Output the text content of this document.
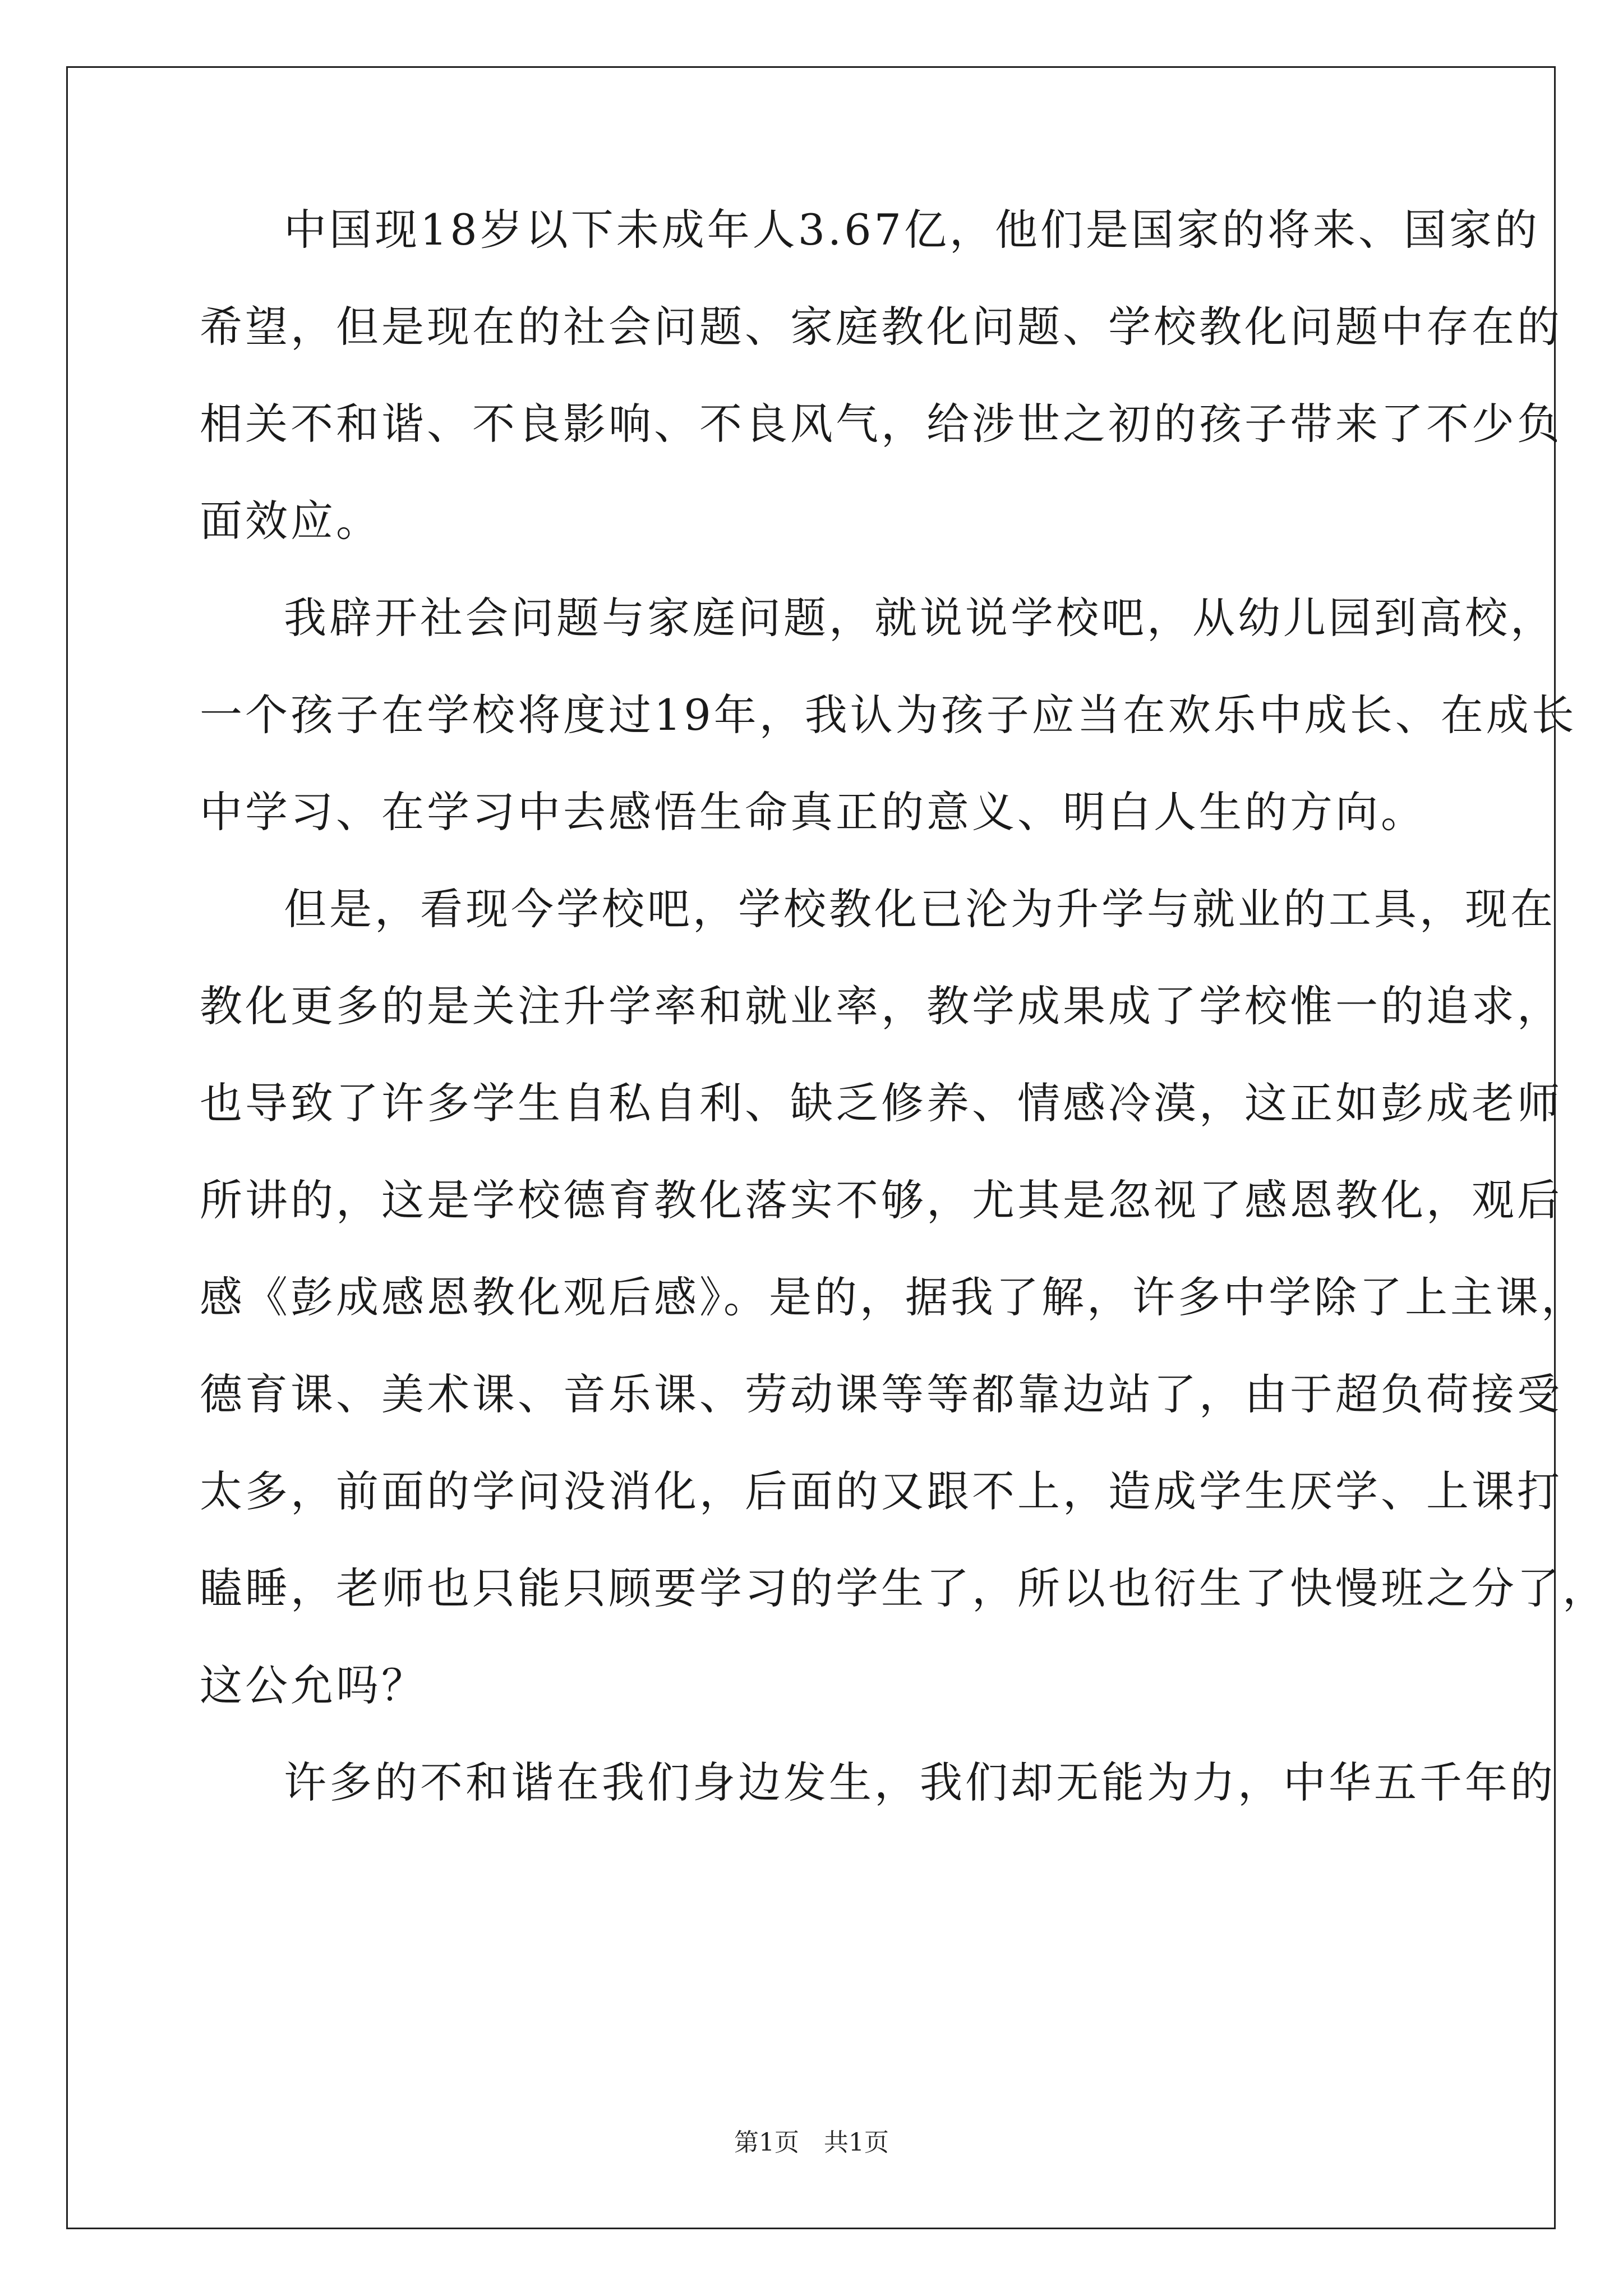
中国现18岁以下未成年人3.67亿，他们是国家的将来、国家的
希望，但是现在的社会问题、家庭教化问题、学校教化问题中存在的
相关不和谐、不良影响、不良风气，给涉世之初的孩子带来了不少负
面效应。
我辟开社会问题与家庭问题，就说说学校吧，从幼儿园到高校，
一个孩子在学校将度过19年，我认为孩子应当在欢乐中成长、在成长
中学习、在学习中去感悟生命真正的意义、明白人生的方向。
但是，看现今学校吧，学校教化已沦为升学与就业的工具，现在
教化更多的是关注升学率和就业率，教学成果成了学校惟一的追求，
也导致了许多学生自私自利、缺乏修养、情感冷漠，这正如彭成老师
所讲的，这是学校德育教化落实不够，尤其是忽视了感恩教化，观后
感《彭成感恩教化观后感》。是的，据我了解，许多中学除了上主课，
德育课、美术课、音乐课、劳动课等等都靠边站了，由于超负荷接受
太多，前面的学问没消化，后面的又跟不上，造成学生厌学、上课打
瞌睡，老师也只能只顾要学习的学生了，所以也衍生了快慢班之分了，
这公允吗？
许多的不和谐在我们身边发生，我们却无能为力，中华五千年的
第1页　共1页
